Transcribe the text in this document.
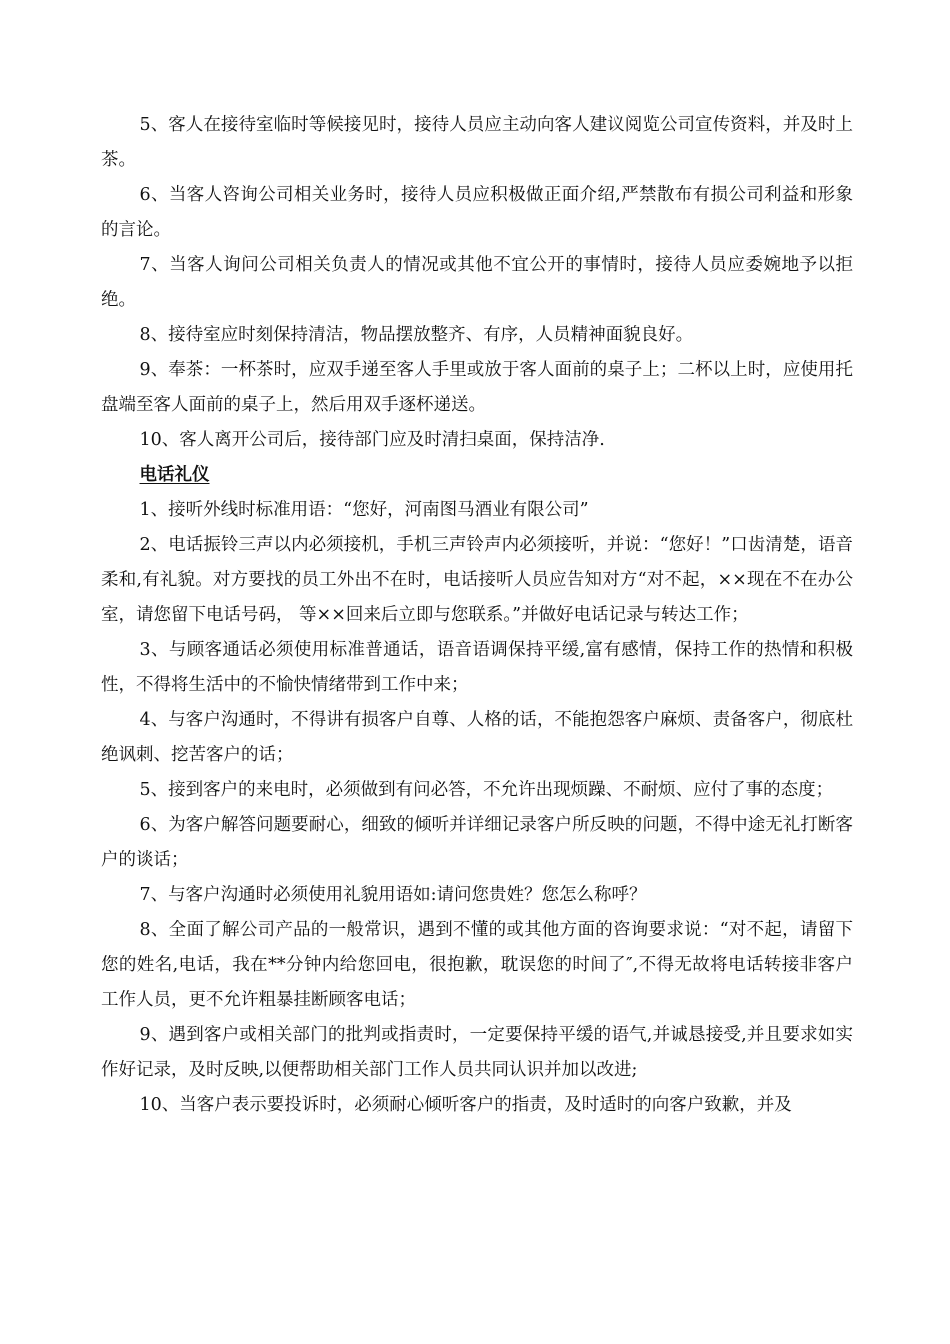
5、客人在接待室临时等候接见时，接待人员应主动向客人建议阅览公司宣传资料，并及时上茶。

6、当客人咨询公司相关业务时，接待人员应积极做正面介绍,严禁散布有损公司利益和形象的言论。

7、当客人询问公司相关负责人的情况或其他不宜公开的事情时，接待人员应委婉地予以拒绝。

8、接待室应时刻保持清洁，物品摆放整齐、有序，人员精神面貌良好。

9、奉茶：一杯茶时，应双手递至客人手里或放于客人面前的桌子上；二杯以上时，应使用托盘端至客人面前的桌子上，然后用双手逐杯递送。

10、客人离开公司后，接待部门应及时清扫桌面，保持洁净.

电话礼仪

1、接听外线时标准用语：“您好，河南图马酒业有限公司”

2、电话振铃三声以内必须接机，手机三声铃声内必须接听，并说：“您好！”口齿清楚，语音柔和,有礼貌。对方要找的员工外出不在时，电话接听人员应告知对方“对不起，××现在不在办公室，请您留下电话号码， 等××回来后立即与您联系。”并做好电话记录与转达工作；

3、与顾客通话必须使用标准普通话，语音语调保持平缓,富有感情，保持工作的热情和积极性，不得将生活中的不愉快情绪带到工作中来；

4、与客户沟通时，不得讲有损客户自尊、人格的话，不能抱怨客户麻烦、责备客户，彻底杜绝讽刺、挖苦客户的话；

5、接到客户的来电时，必须做到有问必答，不允许出现烦躁、不耐烦、应付了事的态度；

6、为客户解答问题要耐心，细致的倾听并详细记录客户所反映的问题，不得中途无礼打断客户的谈话；

7、与客户沟通时必须使用礼貌用语如:请问您贵姓？您怎么称呼？

8、全面了解公司产品的一般常识，遇到不懂的或其他方面的咨询要求说：“对不起，请留下您的姓名,电话，我在**分钟内给您回电，很抱歉，耽误您的时间了″,不得无故将电话转接非客户工作人员，更不允许粗暴挂断顾客电话；

9、遇到客户或相关部门的批判或指责时，一定要保持平缓的语气,并诚恳接受,并且要求如实作好记录，及时反映,以便帮助相关部门工作人员共同认识并加以改进;

10、当客户表示要投诉时，必须耐心倾听客户的指责，及时适时的向客户致歉，并及
